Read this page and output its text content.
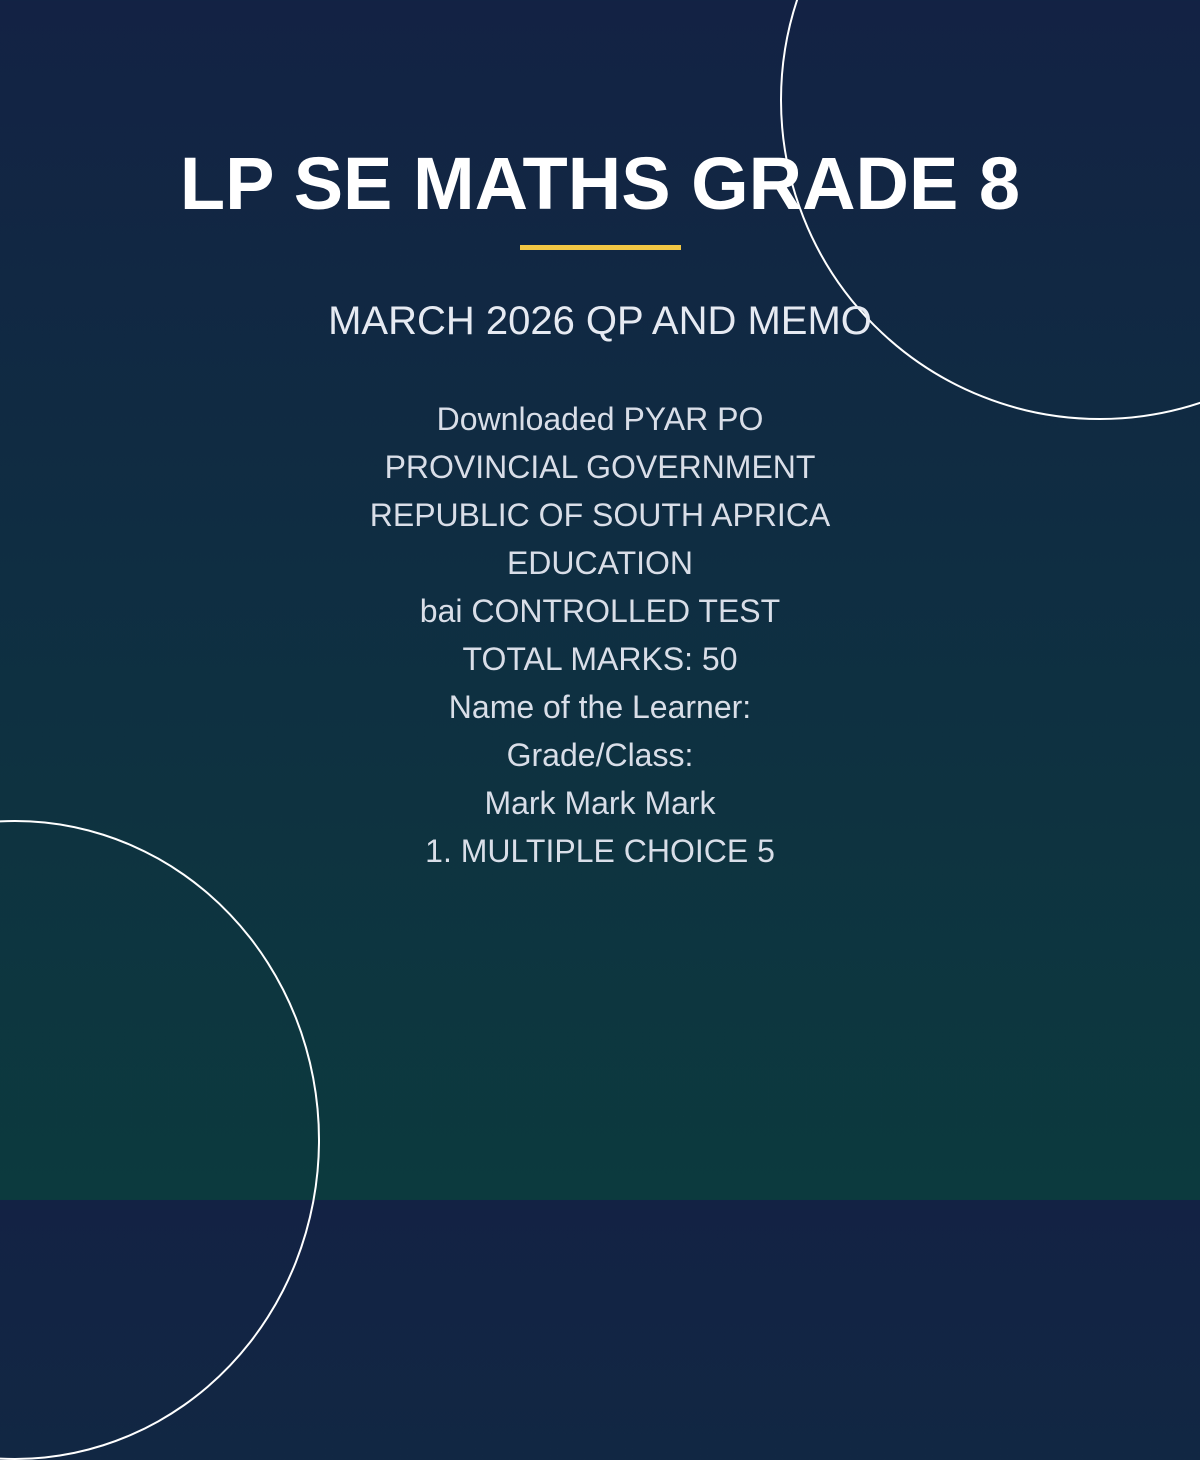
LP SE MATHS GRADE 8

MARCH 2026 QP AND MEMO

Downloaded PYAR PO
PROVINCIAL GOVERNMENT
REPUBLIC OF SOUTH APRICA
EDUCATION
bai CONTROLLED TEST
TOTAL MARKS: 50
Name of the Learner:
Grade/Class:
Mark Mark Mark
1. MULTIPLE CHOICE 5
